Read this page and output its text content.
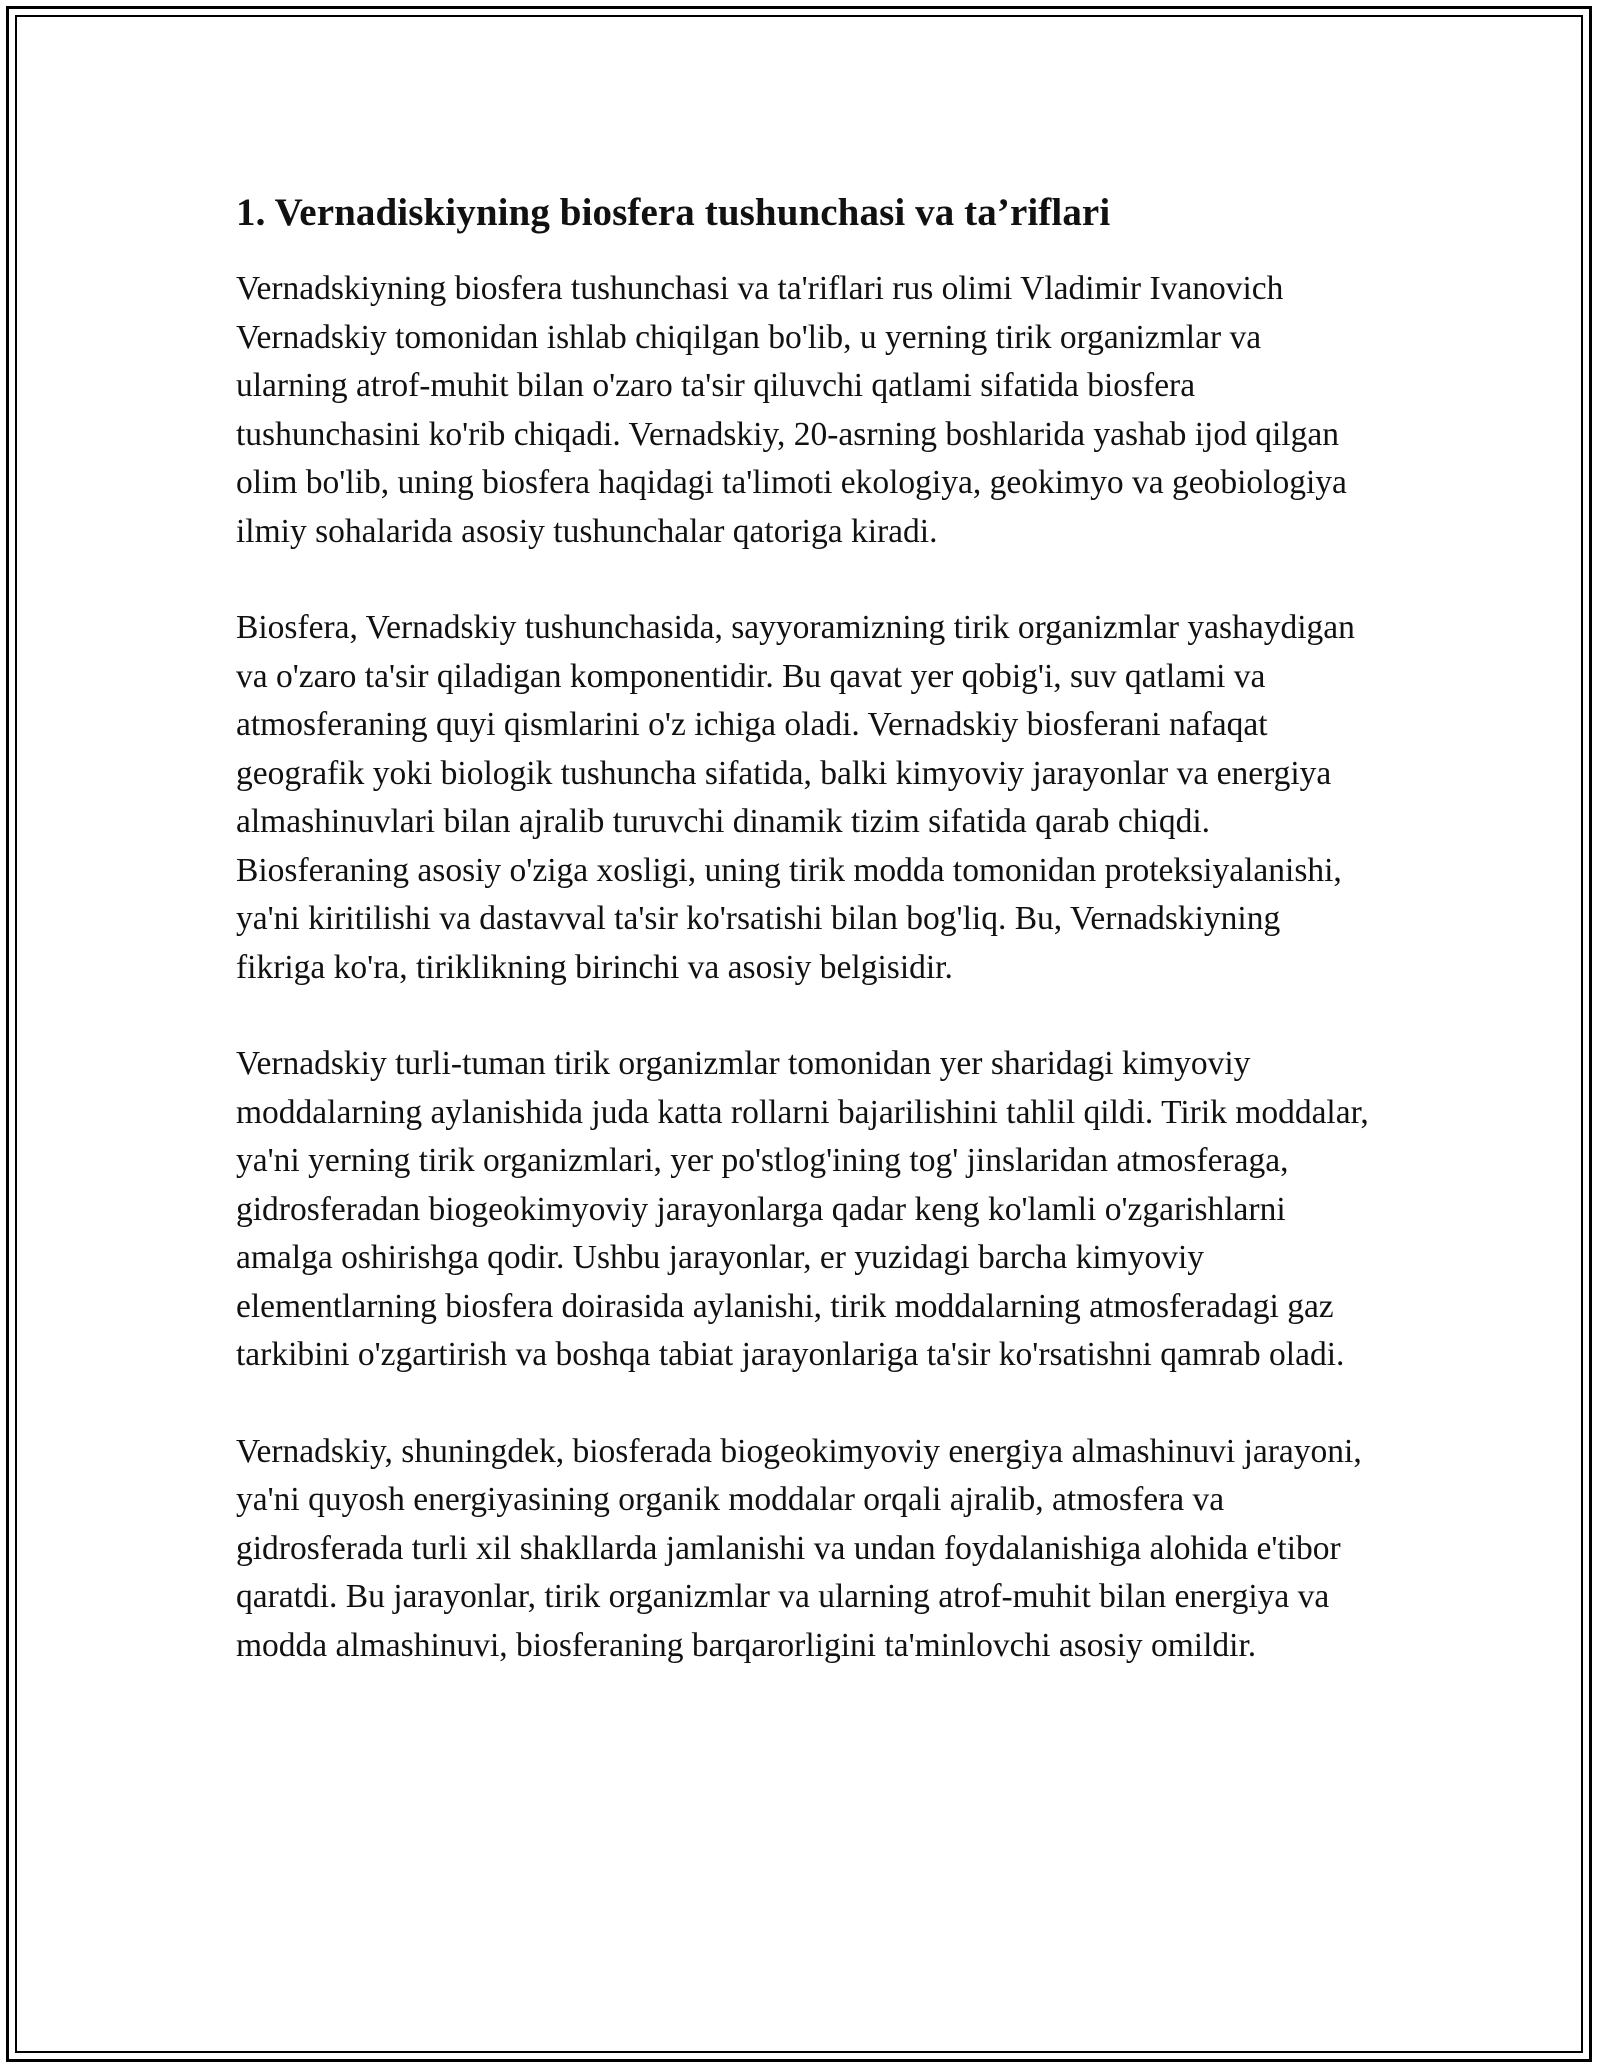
1. Vernadiskiyning biosfera tushunchasi va ta’riflari

Vernadskiyning biosfera tushunchasi va ta'riflari rus olimi Vladimir Ivanovich Vernadskiy tomonidan ishlab chiqilgan bo'lib, u yerning tirik organizmlar va ularning atrof-muhit bilan o'zaro ta'sir qiluvchi qatlami sifatida biosfera tushunchasini ko'rib chiqadi. Vernadskiy, 20-asrning boshlarida yashab ijod qilgan olim bo'lib, uning biosfera haqidagi ta'limoti ekologiya, geokimyo va geobiologiya ilmiy sohalarida asosiy tushunchalar qatoriga kiradi.

Biosfera, Vernadskiy tushunchasida, sayyoramizning tirik organizmlar yashaydigan va o'zaro ta'sir qiladigan komponentidir. Bu qavat yer qobig'i, suv qatlami va atmosferaning quyi qismlarini o'z ichiga oladi. Vernadskiy biosferani nafaqat geografik yoki biologik tushuncha sifatida, balki kimyoviy jarayonlar va energiya almashinuvlari bilan ajralib turuvchi dinamik tizim sifatida qarab chiqdi. Biosferaning asosiy o'ziga xosligi, uning tirik modda tomonidan proteksiyalanishi, ya'ni kiritilishi va dastavval ta'sir ko'rsatishi bilan bog'liq. Bu, Vernadskiyning fikriga ko'ra, tiriklikning birinchi va asosiy belgisidir.

Vernadskiy turli-tuman tirik organizmlar tomonidan yer sharidagi kimyoviy moddalarning aylanishida juda katta rollarni bajarilishini tahlil qildi. Tirik moddalar, ya'ni yerning tirik organizmlari, yer po'stlog'ining tog' jinslaridan atmosferaga, gidrosferadan biogeokimyoviy jarayonlarga qadar keng ko'lamli o'zgarishlarni amalga oshirishga qodir. Ushbu jarayonlar, er yuzidagi barcha kimyoviy elementlarning biosfera doirasida aylanishi, tirik moddalarning atmosferadagi gaz tarkibini o'zgartirish va boshqa tabiat jarayonlariga ta'sir ko'rsatishni qamrab oladi.

Vernadskiy, shuningdek, biosferada biogeokimyoviy energiya almashinuvi jarayoni, ya'ni quyosh energiyasining organik moddalar orqali ajralib, atmosfera va gidrosferada turli xil shakllarda jamlanishi va undan foydalanishiga alohida e'tibor qaratdi. Bu jarayonlar, tirik organizmlar va ularning atrof-muhit bilan energiya va modda almashinuvi, biosferaning barqarorligini ta'minlovchi asosiy omildir.
